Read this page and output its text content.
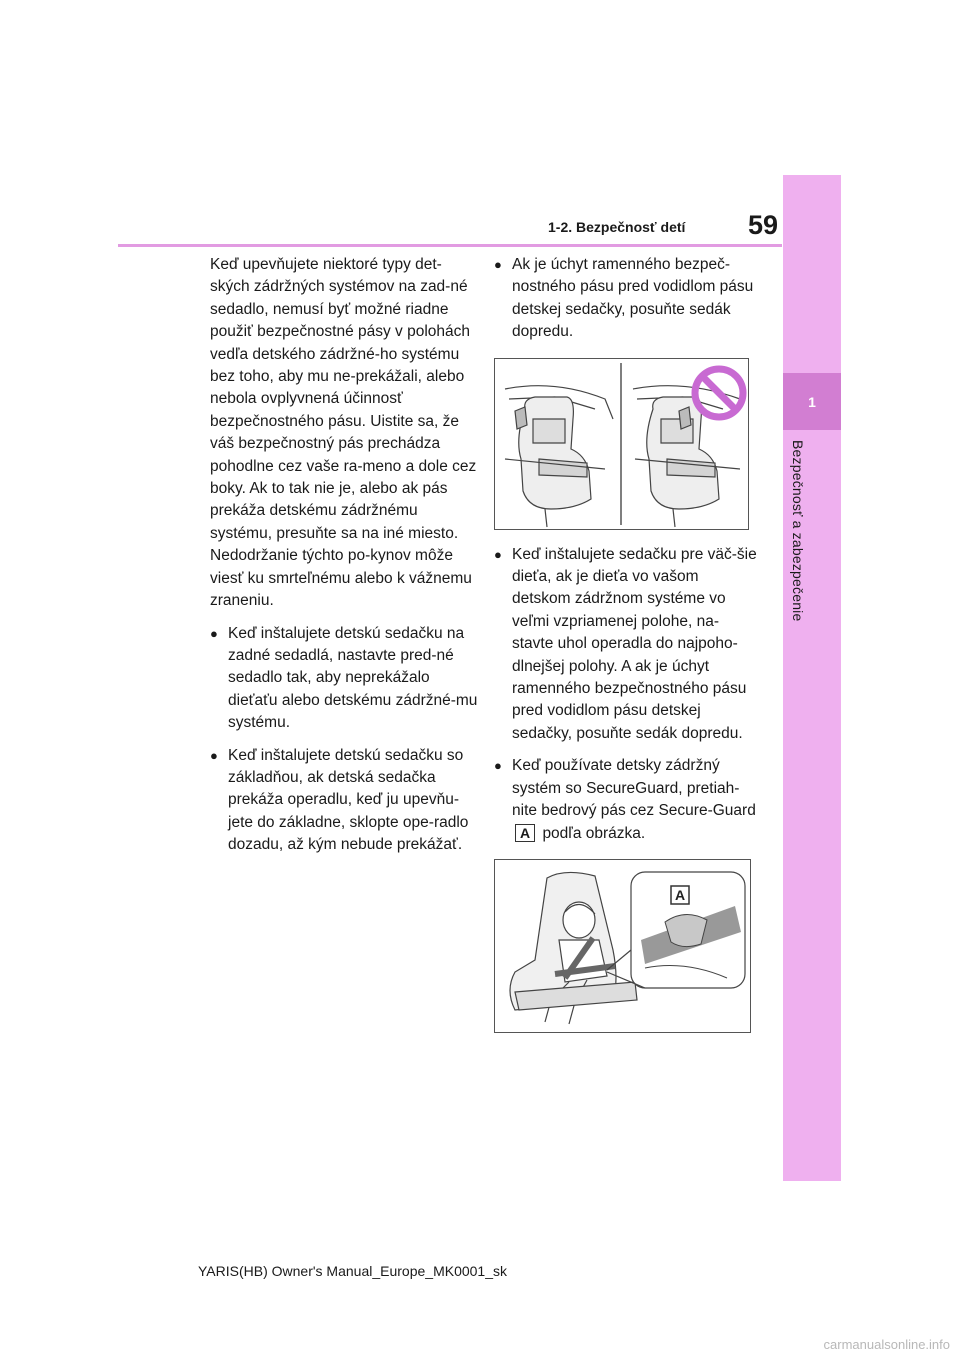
59
1-2. Bezpečnosť detí
1
Bezpečnosť a zabezpečenie

Keď upevňujete niektoré typy det-ských zádržných systémov na zad-né sedadlo, nemusí byť možné riadne použiť bezpečnostné pásy v polohách vedľa detského zádržné-ho systému bez toho, aby mu ne-prekážali, alebo nebola ovplyvnená účinnosť bezpečnostného pásu. Uistite sa, že váš bezpečnostný pás prechádza pohodlne cez vaše ra-meno a dole cez boky. Ak to tak nie je, alebo ak pás prekáža detskému zádržnému systému, presuňte sa na iné miesto. Nedodržanie týchto po-kynov môže viesť ku smrteľnému alebo k vážnemu zraneniu.

● Keď inštalujete detskú sedačku na zadné sedadlá, nastavte pred-né sedadlo tak, aby neprekážalo dieťaťu alebo detskému zádržné-mu systému.

● Keď inštalujete detskú sedačku so základňou, ak detská sedačka prekáža operadlu, keď ju upevňu-jete do základne, sklopte ope-radlo dozadu, až kým nebude prekážať.

● Ak je úchyt ramenného bezpeč-nostného pásu pred vodidlom pásu detskej sedačky, posuňte sedák dopredu.

● Keď inštalujete sedačku pre väč-šie dieťa, ak je dieťa vo vašom detskom zádržnom systéme vo veľmi vzpriamenej polohe, na-stavte uhol operadla do najpoho-dlnejšej polohy. A ak je úchyt ramenného bezpečnostného pásu pred vodidlom pásu detskej sedačky, posuňte sedák dopredu.

● Keď používate detsky zádržný systém so SecureGuard, pretiah-nite bedrový pás cez Secure-Guard A podľa obrázka.

A
YARIS(HB) Owner's Manual_Europe_MK0001_sk
carmanualsonline.info
